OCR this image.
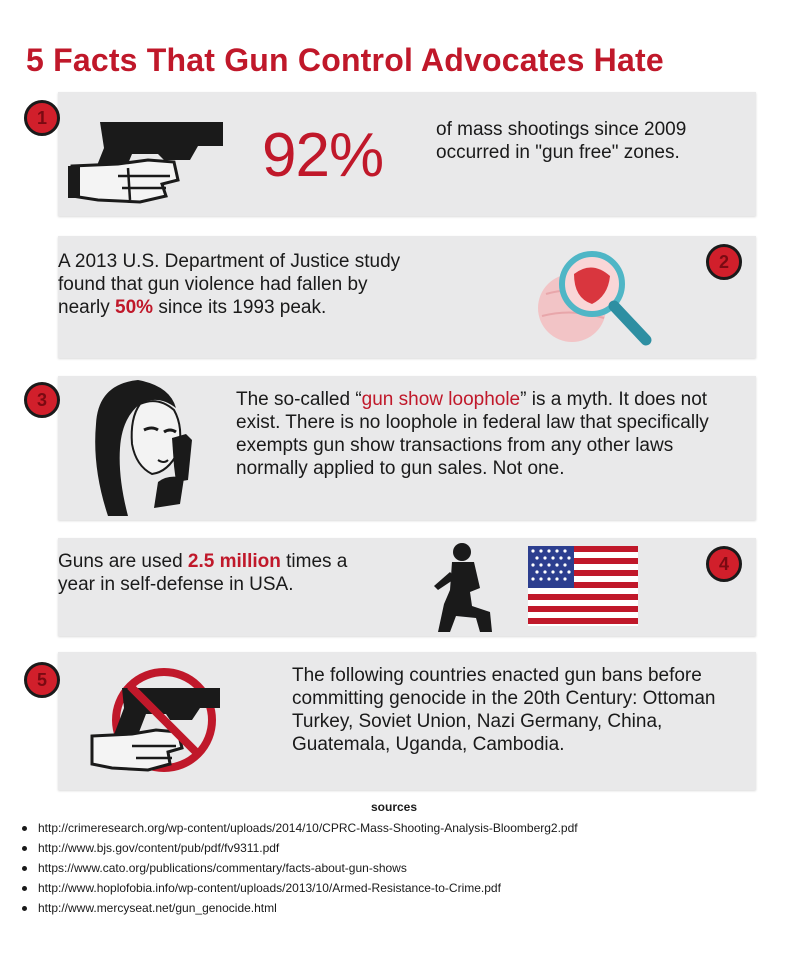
5 Facts That Gun Control Advocates Hate
92%	of mass shootings since 2009 occurred in "gun free" zones.
1
A 2013 U.S. Department of Justice study found that gun violence had fallen by nearly 50% since its 1993 peak.
2
The so-called “gun show loophole” is a myth. It does not exist. There is no loophole in federal law that specifically exempts gun show transactions from any other laws normally applied to gun sales. Not one.
3
Guns are used 2.5 million times a year in self-defense in USA.
4
The following countries enacted gun bans before committing genocide in the 20th Century: Ottoman Turkey, Soviet Union, Nazi Germany, China, Guatemala, Uganda, Cambodia.
5
sources
http://crimeresearch.org/wp-content/uploads/2014/10/CPRC-Mass-Shooting-Analysis-Bloomberg2.pdf
http://www.bjs.gov/content/pub/pdf/fv9311.pdf
https://www.cato.org/publications/commentary/facts-about-gun-shows
http://www.hoplofobia.info/wp-content/uploads/2013/10/Armed-Resistance-to-Crime.pdf
http://www.mercyseat.net/gun_genocide.html
